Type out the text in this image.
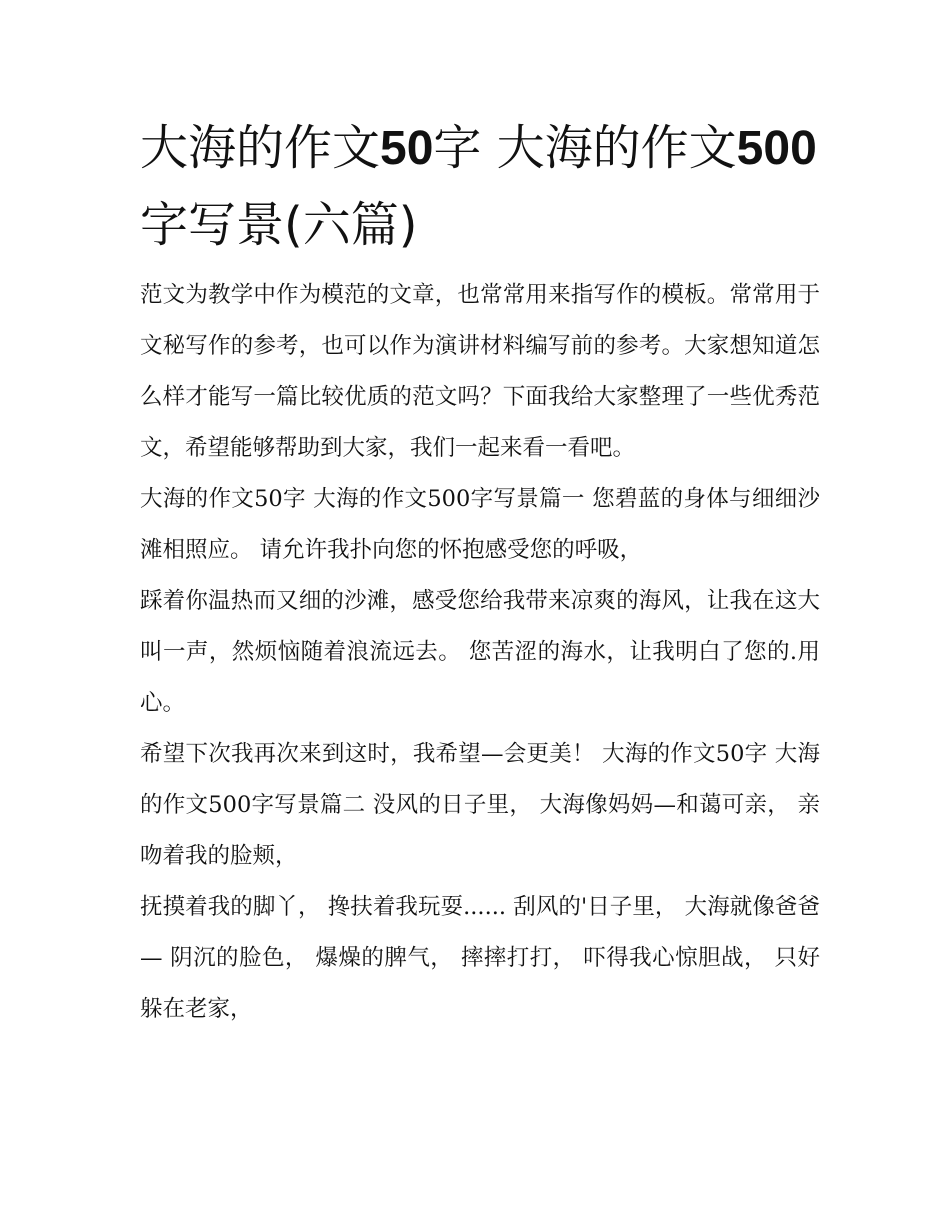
大海的作文50字 大海的作文500字写景(六篇)

范文为教学中作为模范的文章，也常常用来指写作的模板。常常用于文秘写作的参考，也可以作为演讲材料编写前的参考。大家想知道怎么样才能写一篇比较优质的范文吗？下面我给大家整理了一些优秀范文，希望能够帮助到大家，我们一起来看一看吧。

大海的作文50字 大海的作文500字写景篇一 您碧蓝的身体与细细沙滩相照应。 请允许我扑向您的怀抱感受您的呼吸，

踩着你温热而又细的沙滩，感受您给我带来凉爽的海风，让我在这大叫一声，然烦恼随着浪流远去。 您苦涩的海水，让我明白了您的.用心。

希望下次我再次来到这时，我希望—会更美！ 大海的作文50字 大海的作文500字写景篇二 没风的日子里， 大海像妈妈—和蔼可亲， 亲吻着我的脸颊，

抚摸着我的脚丫， 搀扶着我玩耍...... 刮风的'日子里， 大海就像爸爸— 阴沉的脸色， 爆燥的脾气， 摔摔打打， 吓得我心惊胆战， 只好躲在老家，
